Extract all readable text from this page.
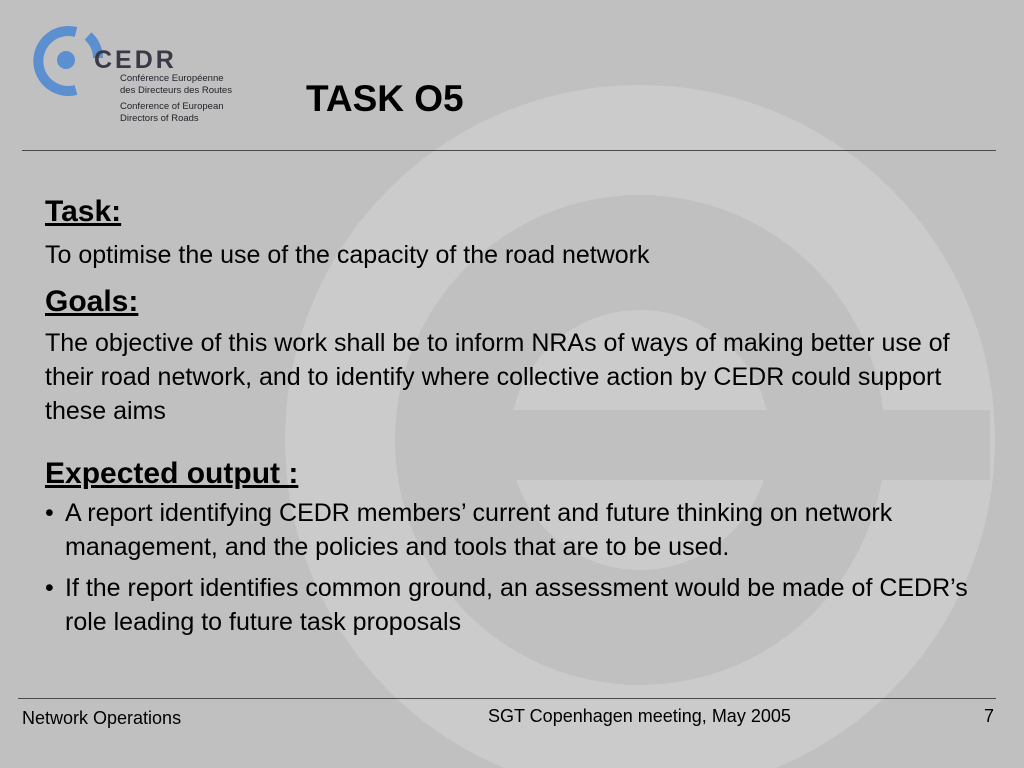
CEDR
Conférence Européenne
des Directeurs des Routes
Conference of European
Directors of Roads	TASK O5
Task:

To optimise the use of the capacity of the road network

Goals:

The objective of this work shall be to inform NRAs of ways of making better use of their road network, and to identify where collective action by CEDR could support these aims

Expected output :
• A report identifying CEDR members’ current and future thinking on network management, and the policies and tools that are to be used.
• If the report identifies common ground, an assessment would be made of CEDR’s role leading to future task proposals
Network Operations	SGT Copenhagen meeting, May 2005	7
